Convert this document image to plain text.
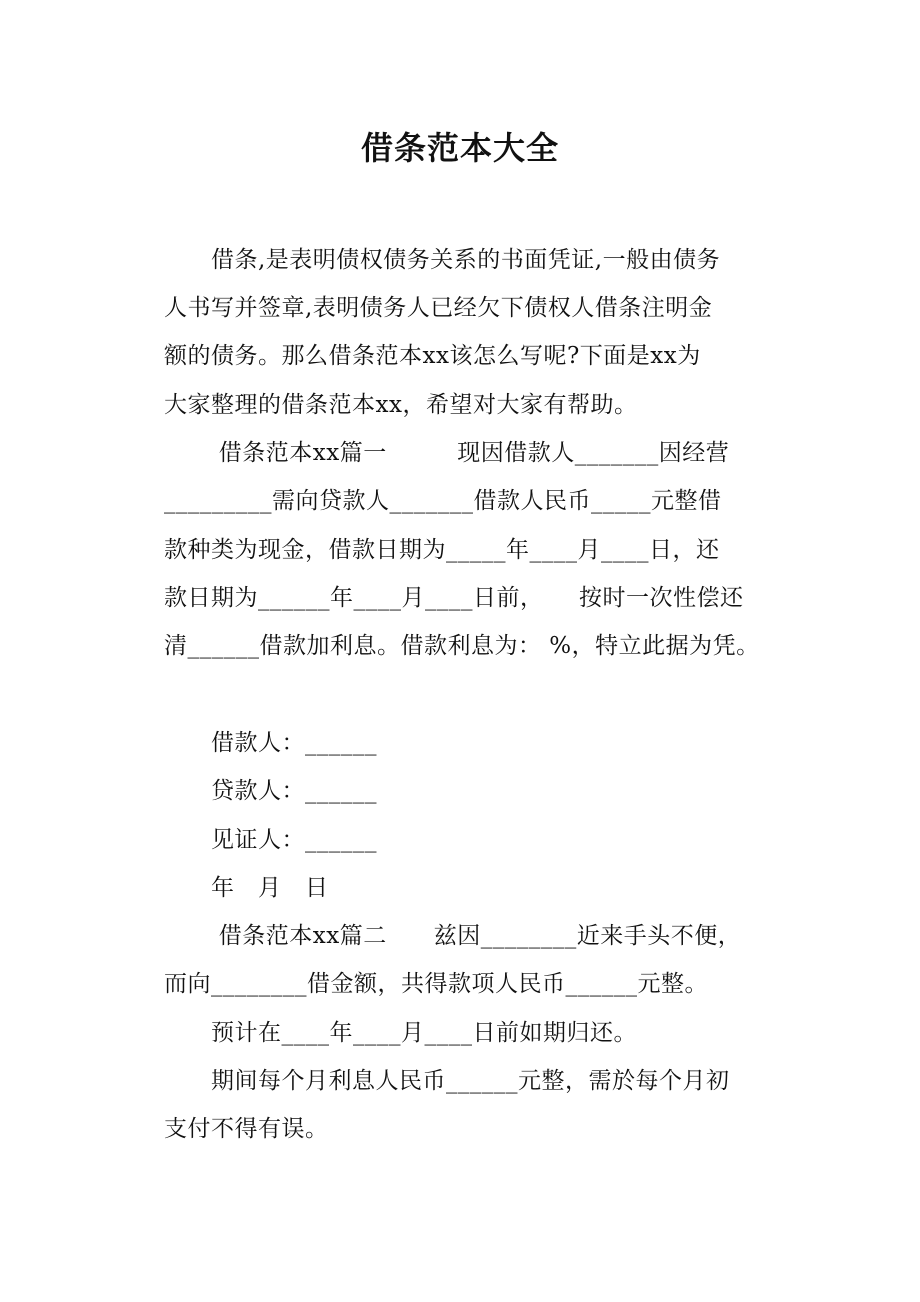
借条范本大全
　　借条,是表明债权债务关系的书面凭证,一般由债务
人书写并签章,表明债务人已经欠下债权人借条注明金
额的债务。那么借条范本xx该怎么写呢?下面是xx为
大家整理的借条范本xx，希望对大家有帮助。
　　 借条范本xx篇一　　　现因借款人_______因经营
_________需向贷款人_______借款人民币_____元整借
款种类为现金，借款日期为_____年____月____日，还
款日期为______年____月____日前，　　按时一次性偿还
清______借款加利息。借款利息为： %，特立此据为凭。
　　借款人：______
　　贷款人：______
　　见证人：______
　　年　月　日
　　 借条范本xx篇二　　兹因________近来手头不便，
而向________借金额，共得款项人民币______元整。
　　预计在____年____月____日前如期归还。
　　期间每个月利息人民币______元整，需於每个月初
支付不得有误。
